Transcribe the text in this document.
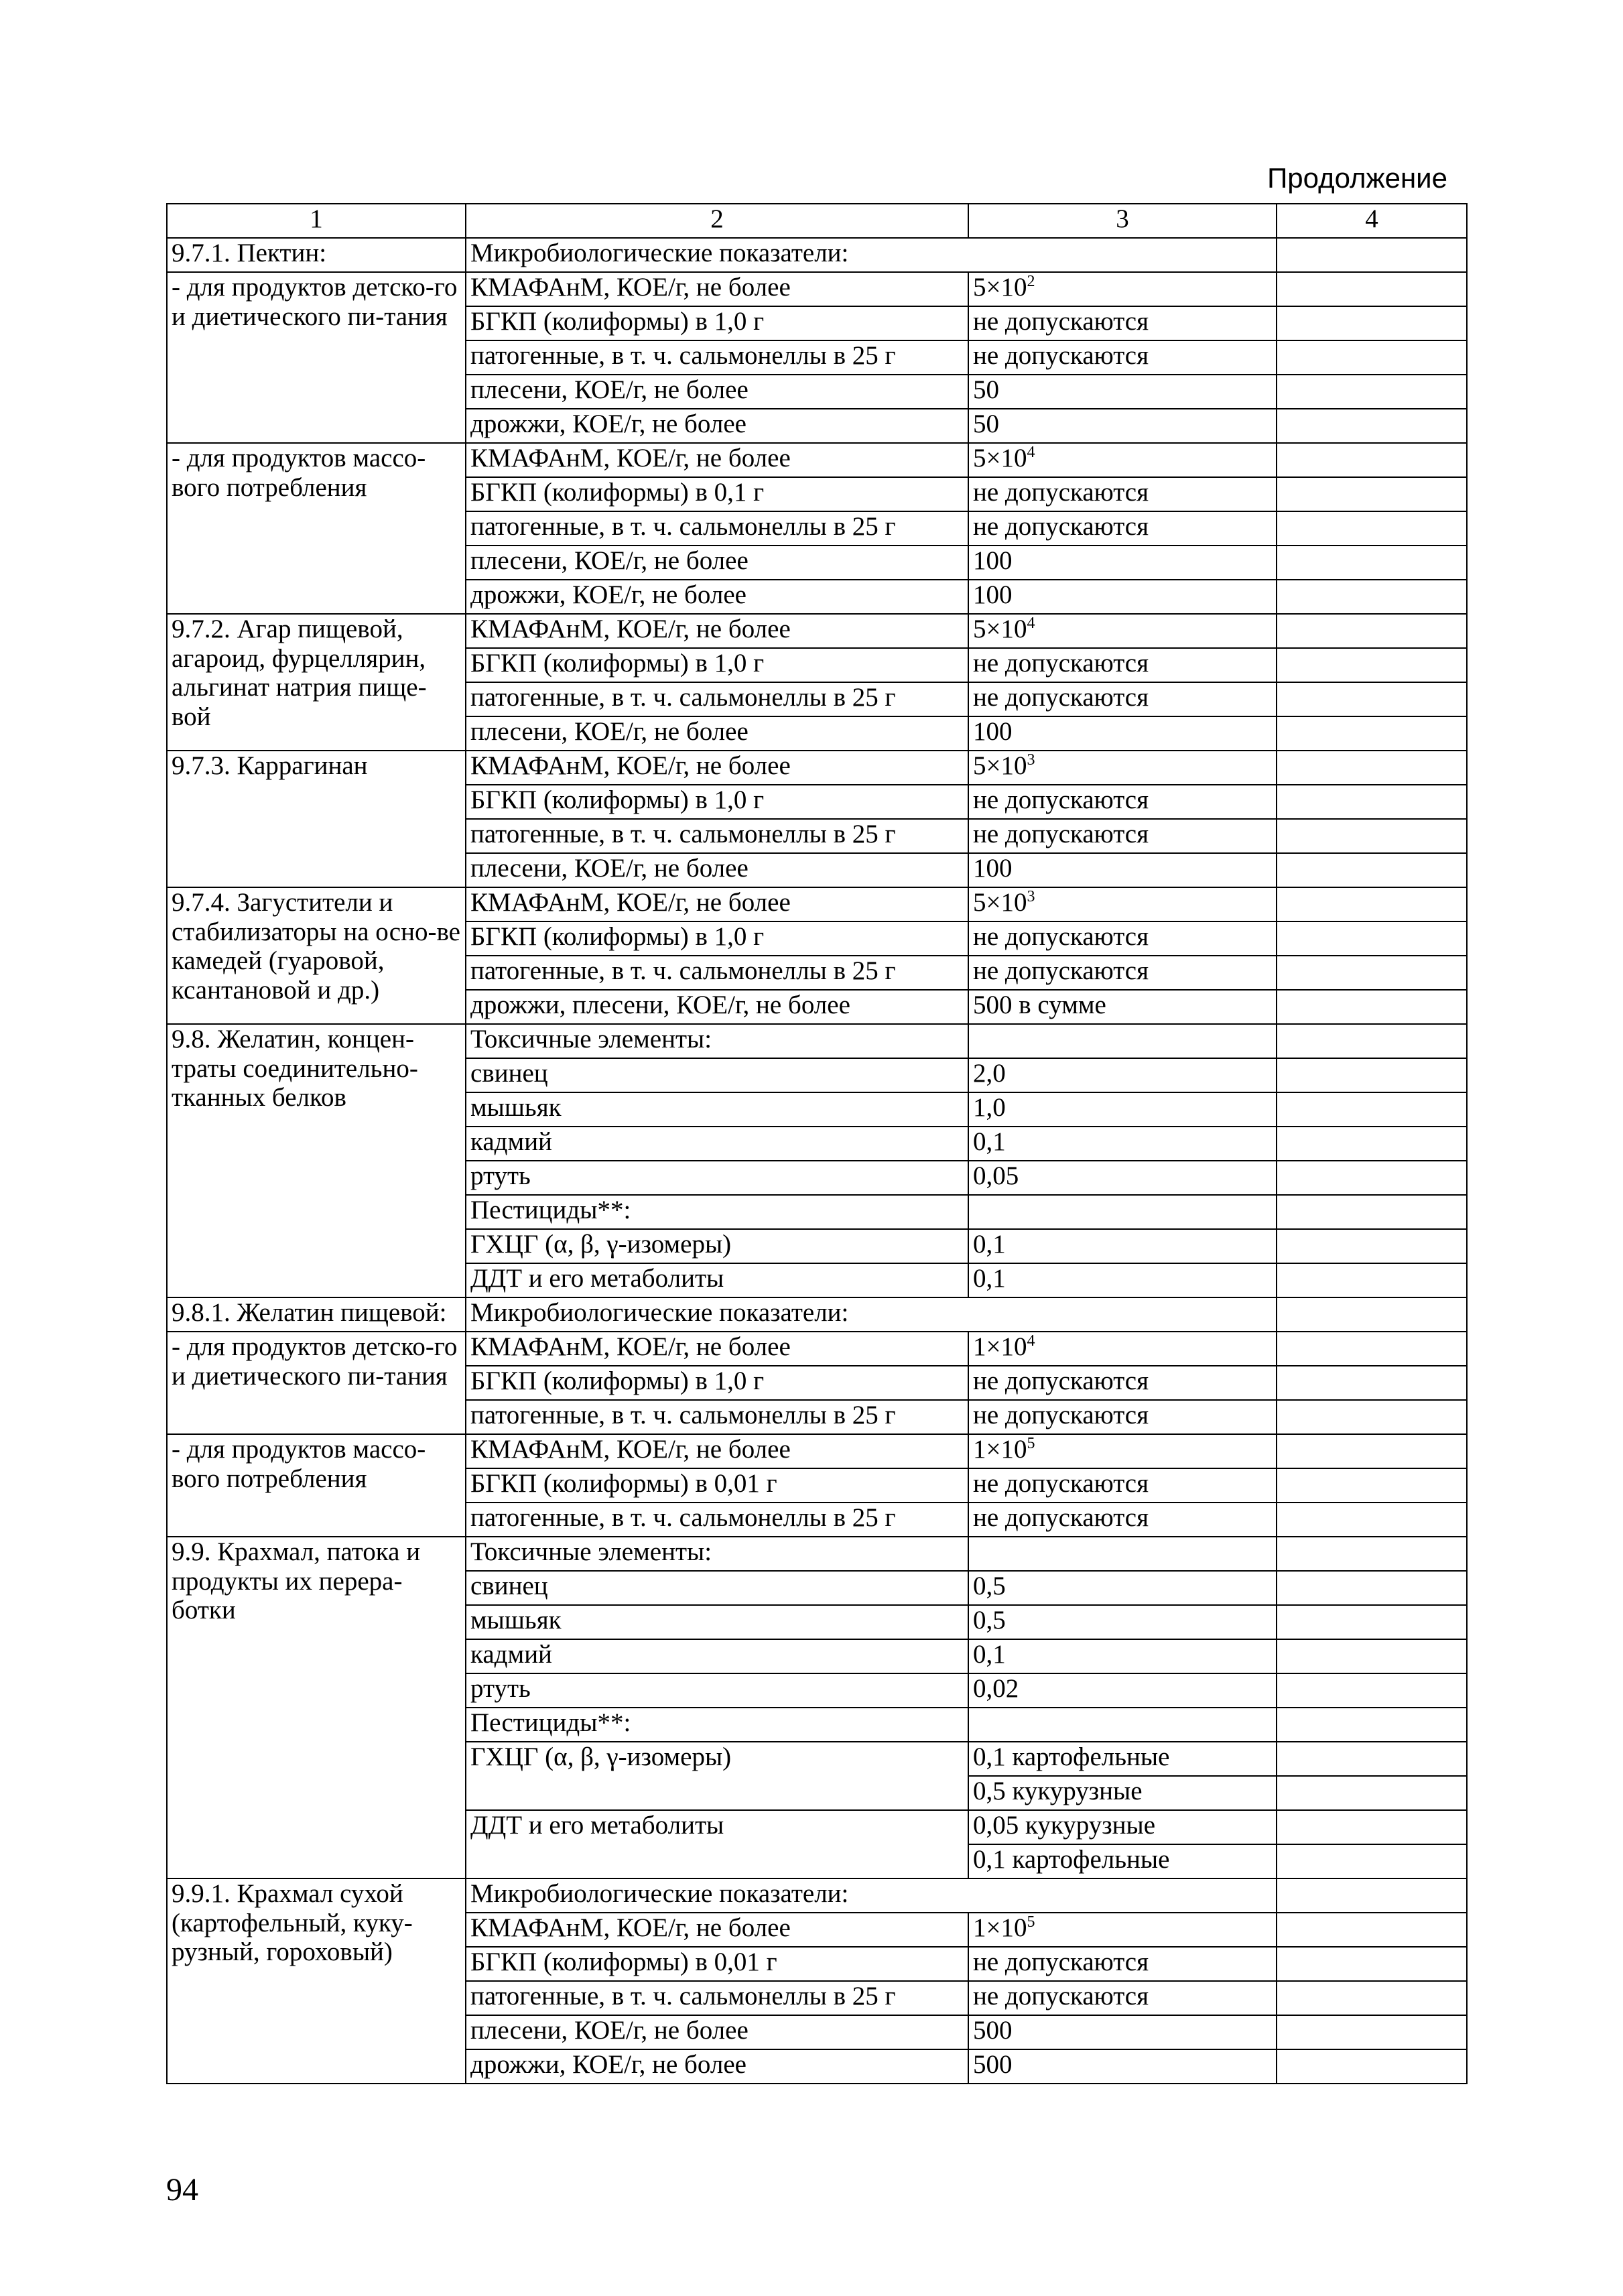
Продолжение
1	2	3	4
9.7.1. Пектин:	Микробиологические показатели:		
- для продуктов детско-го и диетического пи-тания	КМАФАнМ, КОЕ/г, не более	$5\times 10^2$	
	БГКП (колиформы) в 1,0 г	не допускаются	
	патогенные, в т. ч. сальмонеллы в 25 г	не допускаются	
	плесени, КОЕ/г, не более	50	
	дрожжи, КОЕ/г, не более	50	
- для продуктов массо-вого потребления	КМАФАнМ, КОЕ/г, не более	$5\times 10^4$	
	БГКП (колиформы) в 0,1 г	не допускаются	
	патогенные, в т. ч. сальмонеллы в 25 г	не допускаются	
	плесени, КОЕ/г, не более	100	
	дрожжи, КОЕ/г, не более	100	
9.7.2. Агар пищевой, агароид, фурцеллярин, альгинат натрия пище-вой	КМАФАнМ, КОЕ/г, не более	$5\times 10^4$	
	БГКП (колиформы) в 1,0 г	не допускаются	
	патогенные, в т. ч. сальмонеллы в 25 г	не допускаются	
	плесени, КОЕ/г, не более	100	
9.7.3. Каррагинан	КМАФАнМ, КОЕ/г, не более	$5\times 10^3$	
	БГКП (колиформы) в 1,0 г	не допускаются	
	патогенные, в т. ч. сальмонеллы в 25 г	не допускаются	
	плесени, КОЕ/г, не более	100	
9.7.4. Загустители и стабилизаторы на осно-ве камедей (гуаровой, ксантановой и др.)	КМАФАнМ, КОЕ/г, не более	$5\times 10^3$	
	БГКП (колиформы) в 1,0 г	не допускаются	
	патогенные, в т. ч. сальмонеллы в 25 г	не допускаются	
	дрожжи, плесени, КОЕ/г, не более	500 в сумме	
9.8. Желатин, концен-траты соединительно-тканных белков	Токсичные элементы:		
	свинец	2,0	
	мышьяк	1,0	
	кадмий	0,1	
	ртуть	0,05	
	Пестициды**:		
	ГХЦГ (α, β, γ-изомеры)	0,1	
	ДДТ и его метаболиты	0,1	
9.8.1. Желатин пищевой:	Микробиологические показатели:		
- для продуктов детско-го и диетического пи-тания	КМАФАнМ, КОЕ/г, не более	$1\times 10^4$	
	БГКП (колиформы) в 1,0 г	не допускаются	
	патогенные, в т. ч. сальмонеллы в 25 г	не допускаются	
- для продуктов массо-вого потребления	КМАФАнМ, КОЕ/г, не более	$1\times 10^5$	
	БГКП (колиформы) в 0,01 г	не допускаются	
	патогенные, в т. ч. сальмонеллы в 25 г	не допускаются	
9.9. Крахмал, патока и продукты их перера-ботки	Токсичные элементы:		
	свинец	0,5	
	мышьяк	0,5	
	кадмий	0,1	
	ртуть	0,02	
	Пестициды**:		
	ГХЦГ (α, β, γ-изомеры)	0,1 картофельные	
		0,5 кукурузные	
	ДДТ и его метаболиты	0,05 кукурузные	
		0,1 картофельные	
9.9.1. Крахмал сухой (картофельный, куку-рузный, гороховый)	Микробиологические показатели:		
	КМАФАнМ, КОЕ/г, не более	$1\times 10^5$	
	БГКП (колиформы) в 0,01 г	не допускаются	
	патогенные, в т. ч. сальмонеллы в 25 г	не допускаются	
	плесени, КОЕ/г, не более	500	
	дрожжи, КОЕ/г, не более	500	
94
